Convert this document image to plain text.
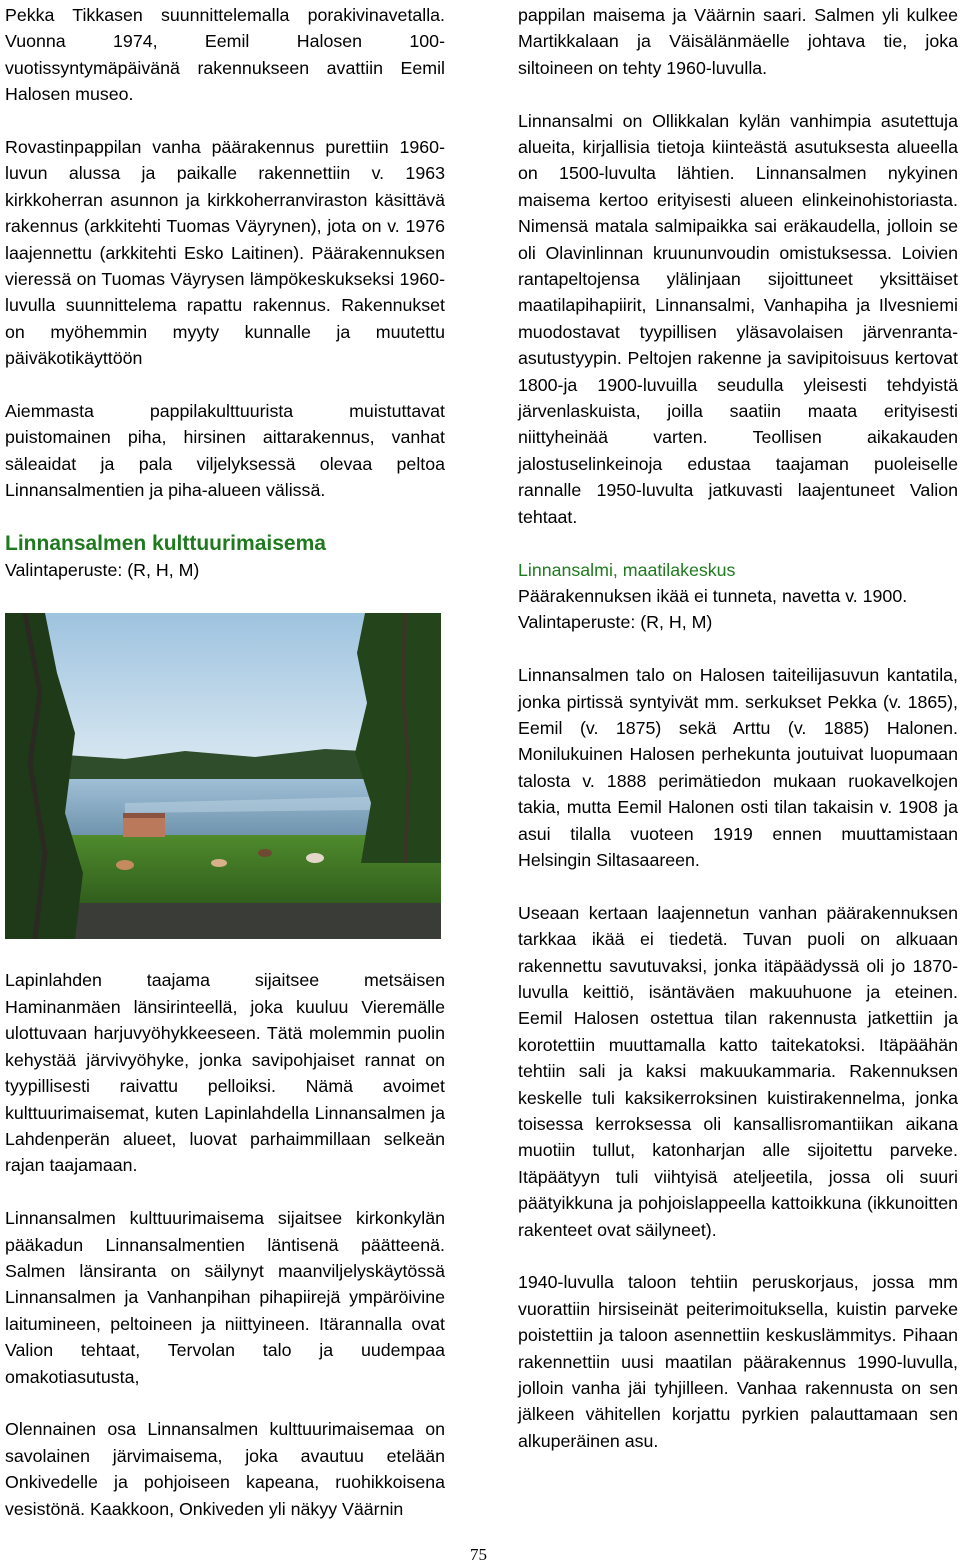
Pekka Tikkasen suunnittelemalla porakivinavetalla. Vuonna 1974, Eemil Halosen 100-vuotissyntymäpäivänä rakennukseen avattiin Eemil Halosen museo.

Rovastinpappilan vanha päärakennus purettiin 1960-luvun alussa ja paikalle rakennettiin v. 1963 kirkkoherran asunnon ja kirkkoherranviraston käsittävä rakennus (arkkitehti Tuomas Väyrynen), jota on v. 1976 laajennettu (arkkitehti Esko Laitinen). Päärakennuksen vieressä on Tuomas Väyrysen lämpökeskukseksi 1960-luvulla suunnittelema rapattu rakennus. Rakennukset on myöhemmin myyty kunnalle ja muutettu päiväkotikäyttöön

Aiemmasta pappilakulttuurista muistuttavat puistomainen piha, hirsinen aittarakennus, vanhat säleaidat ja pala viljelyksessä olevaa peltoa Linnansalmentien ja piha-alueen välissä.

Linnansalmen kulttuurimaisema
Valintaperuste: (R, H, M)

Lapinlahden taajama sijaitsee metsäisen Haminanmäen länsirinteellä, joka kuuluu Vieremälle ulottuvaan harjuvyöhykkeeseen. Tätä molemmin puolin kehystää järvivyöhyke, jonka savipohjaiset rannat on tyypillisesti raivattu pelloiksi. Nämä avoimet kulttuurimaisemat, kuten Lapinlahdella Linnansalmen ja Lahdenperän alueet, luovat parhaimmillaan selkeän rajan taajamaan.

Linnansalmen kulttuurimaisema sijaitsee kirkonkylän pääkadun Linnansalmentien läntisenä päätteenä. Salmen länsiranta on säilynyt maanviljelyskäytössä Linnansalmen ja Vanhanpihan pihapiirejä ympäröivine laitumineen, peltoineen ja niittyineen. Itärannalla ovat Valion tehtaat, Tervolan talo ja uudempaa omakotiasutusta,

Olennainen osa Linnansalmen kulttuurimaisemaa on savolainen järvimaisema, joka avautuu etelään Onkivedelle ja pohjoiseen kapeana, ruohikkoisena vesistönä. Kaakkoon, Onkiveden yli näkyy Väärnin

pappilan maisema ja Väärnin saari. Salmen yli kulkee Martikkalaan ja Väisälänmäelle johtava tie, joka siltoineen on tehty 1960-luvulla.

Linnansalmi on Ollikkalan kylän vanhimpia asutettuja alueita, kirjallisia tietoja kiinteästä asutuksesta alueella on 1500-luvulta lähtien. Linnansalmen nykyinen maisema kertoo erityisesti alueen elinkeinohistoriasta. Nimensä matala salmipaikka sai eräkaudella, jolloin se oli Olavinlinnan kruununvoudin omistuksessa. Loivien rantapeltojensa ylälinjaan sijoittuneet yksittäiset maatilapihapiirit, Linnansalmi, Vanhapiha ja Ilvesniemi muodostavat tyypillisen yläsavolaisen järvenranta-asutustyypin. Peltojen rakenne ja savipitoisuus kertovat 1800-ja 1900-luvuilla seudulla yleisesti tehdyistä järvenlaskuista, joilla saatiin maata erityisesti niittyheinää varten. Teollisen aikakauden jalostuselinkeinoja edustaa taajaman puoleiselle rannalle 1950-luvulta jatkuvasti laajentuneet Valion tehtaat.

Linnansalmi, maatilakeskus
Päärakennuksen ikää ei tunneta, navetta v. 1900.
Valintaperuste: (R, H, M)

Linnansalmen talo on Halosen taiteilijasuvun kantatila, jonka pirtissä syntyivät mm. serkukset Pekka (v. 1865), Eemil (v. 1875) sekä Arttu (v. 1885) Halonen. Monilukuinen Halosen perhekunta joutuivat luopumaan talosta v. 1888 perimätiedon mukaan ruokavelkojen takia, mutta Eemil Halonen osti tilan takaisin v. 1908 ja asui tilalla vuoteen 1919 ennen muuttamistaan Helsingin Siltasaareen.

Useaan kertaan laajennetun vanhan päärakennuksen tarkkaa ikää ei tiedetä. Tuvan puoli on alkuaan rakennettu savutuvaksi, jonka itäpäädyssä oli jo 1870-luvulla keittiö, isäntäväen makuuhuone ja eteinen. Eemil Halosen ostettua tilan rakennusta jatkettiin ja korotettiin muuttamalla katto taitekatoksi. Itäpäähän tehtiin sali ja kaksi makuukammaria. Rakennuksen keskelle tuli kaksikerroksinen kuistirakennelma, jonka toisessa kerroksessa oli kansallisromantiikan aikana muotiin tullut, katonharjan alle sijoitettu parveke. Itäpäätyyn tuli viihtyisä ateljeetila, jossa oli suuri päätyikkuna ja pohjoislappeella kattoikkuna (ikkunoitten rakenteet ovat säilyneet).

1940-luvulla taloon tehtiin peruskorjaus, jossa mm vuorattiin hirsiseinät peiterimoituksella, kuistin parveke poistettiin ja taloon asennettiin keskuslämmitys. Pihaan rakennettiin uusi maatilan päärakennus 1990-luvulla, jolloin vanha jäi tyhjilleen. Vanhaa rakennusta on sen jälkeen vähitellen korjattu pyrkien palauttamaan sen alkuperäinen asu.

75
